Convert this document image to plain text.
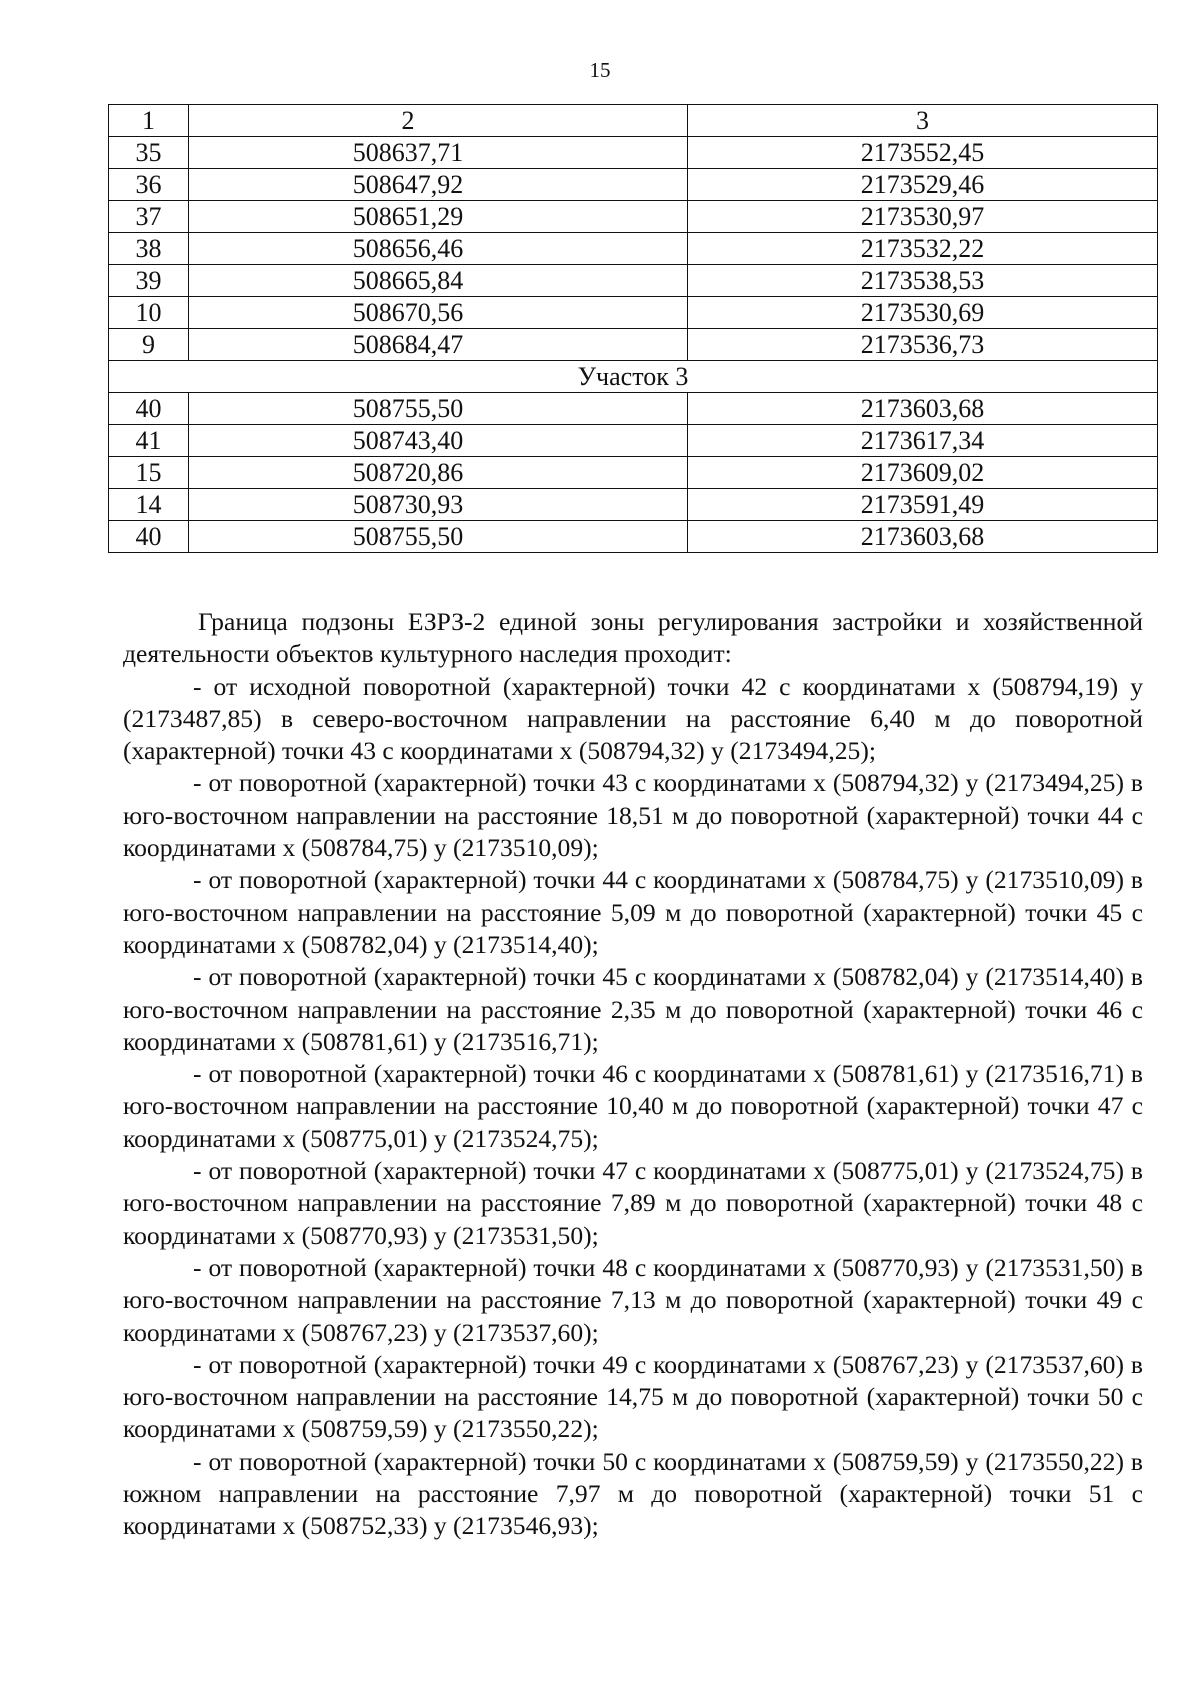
15
1	2	3
35	508637,71	2173552,45
36	508647,92	2173529,46
37	508651,29	2173530,97
38	508656,46	2173532,22
39	508665,84	2173538,53
10	508670,56	2173530,69
9	508684,47	2173536,73
Участок 3		
40	508755,50	2173603,68
41	508743,40	2173617,34
15	508720,86	2173609,02
14	508730,93	2173591,49
40	508755,50	2173603,68

Граница подзоны ЕЗРЗ-2 единой зоны регулирования застройки и хозяйственной деятельности объектов культурного наследия проходит:

- от исходной поворотной (характерной) точки 42 с координатами х (508794,19) у (2173487,85) в северо-восточном направлении на расстояние 6,40 м до поворотной (характерной) точки 43 с координатами х (508794,32) у (2173494,25);

- от поворотной (характерной) точки 43 с координатами х (508794,32) у (2173494,25) в юго-восточном направлении на расстояние 18,51 м до поворотной (характерной) точки 44 с координатами х (508784,75) у (2173510,09);

- от поворотной (характерной) точки 44 с координатами х (508784,75) у (2173510,09) в юго-восточном направлении на расстояние 5,09 м до поворотной (характерной) точки 45 с координатами х (508782,04) у (2173514,40);

- от поворотной (характерной) точки 45 с координатами х (508782,04) у (2173514,40) в юго-восточном направлении на расстояние 2,35 м до поворотной (характерной) точки 46 с координатами х (508781,61) у (2173516,71);

- от поворотной (характерной) точки 46 с координатами х (508781,61) у (2173516,71) в юго-восточном направлении на расстояние 10,40 м до поворотной (характерной) точки 47 с координатами х (508775,01) у (2173524,75);

- от поворотной (характерной) точки 47 с координатами х (508775,01) у (2173524,75) в юго-восточном направлении на расстояние 7,89 м до поворотной (характерной) точки 48 с координатами х (508770,93) у (2173531,50);

- от поворотной (характерной) точки 48 с координатами х (508770,93) у (2173531,50) в юго-восточном направлении на расстояние 7,13 м до поворотной (характерной) точки 49 с координатами х (508767,23) у (2173537,60);

- от поворотной (характерной) точки 49 с координатами х (508767,23) у (2173537,60) в юго-восточном направлении на расстояние 14,75 м до поворотной (характерной) точки 50 с координатами х (508759,59) у (2173550,22);

- от поворотной (характерной) точки 50 с координатами х (508759,59) у (2173550,22) в южном направлении на расстояние 7,97 м до поворотной (характерной) точки 51 с координатами х (508752,33) у (2173546,93);
